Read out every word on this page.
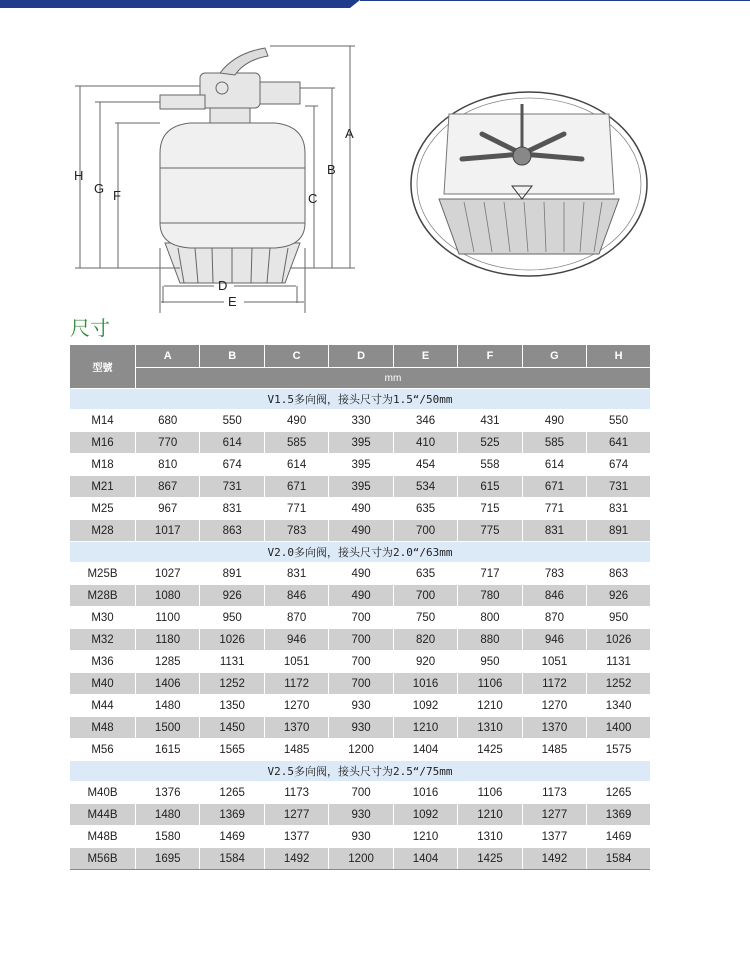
H
G F
A
B
C
D
E
尺寸
型號	A	B	C	D	E	F	G	H
	mm							
V1.5多向阀，接头尺寸为1.5“/50mm								
M14	680	550	490	330	346	431	490	550
M16	770	614	585	395	410	525	585	641
M18	810	674	614	395	454	558	614	674
M21	867	731	671	395	534	615	671	731
M25	967	831	771	490	635	715	771	831
M28	1017	863	783	490	700	775	831	891
V2.0多向阀，接头尺寸为2.0“/63mm								
M25B	1027	891	831	490	635	717	783	863
M28B	1080	926	846	490	700	780	846	926
M30	1100	950	870	700	750	800	870	950
M32	1180	1026	946	700	820	880	946	1026
M36	1285	1131	1051	700	920	950	1051	1131
M40	1406	1252	1172	700	1016	1106	1172	1252
M44	1480	1350	1270	930	1092	1210	1270	1340
M48	1500	1450	1370	930	1210	1310	1370	1400
M56	1615	1565	1485	1200	1404	1425	1485	1575
V2.5多向阀，接头尺寸为2.5“/75mm								
M40B	1376	1265	1173	700	1016	1106	1173	1265
M44B	1480	1369	1277	930	1092	1210	1277	1369
M48B	1580	1469	1377	930	1210	1310	1377	1469
M56B	1695	1584	1492	1200	1404	1425	1492	1584
